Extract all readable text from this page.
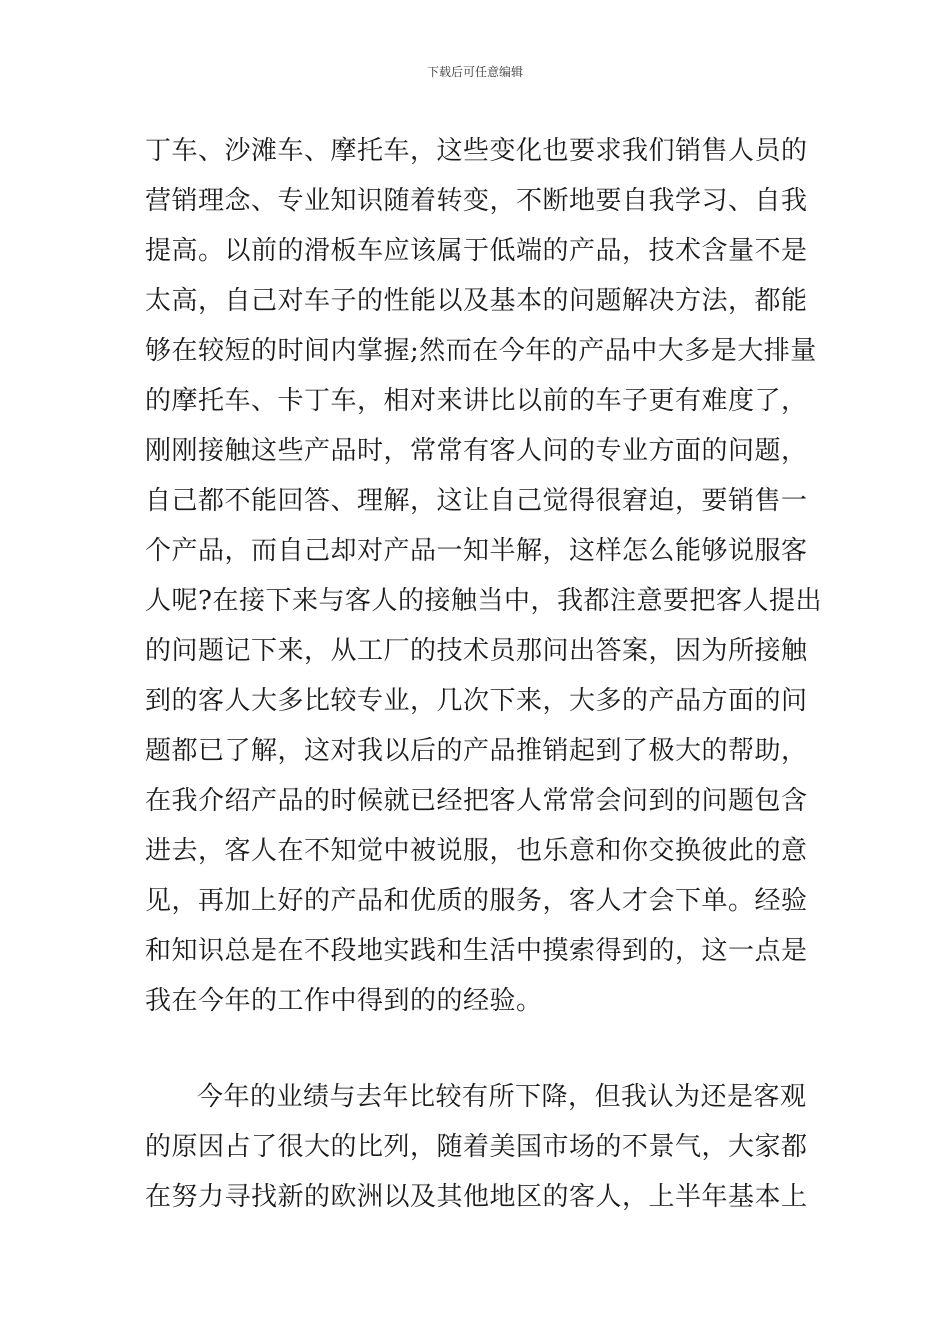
下载后可任意编辑
丁车、沙滩车、摩托车，这些变化也要求我们销售人员的
营销理念、专业知识随着转变，不断地要自我学习、自我
提高。以前的滑板车应该属于低端的产品，技术含量不是
太高，自己对车子的性能以及基本的问题解决方法，都能
够在较短的时间内掌握;然而在今年的产品中大多是大排量
的摩托车、卡丁车，相对来讲比以前的车子更有难度了，
刚刚接触这些产品时，常常有客人问的专业方面的问题，
自己都不能回答、理解，这让自己觉得很窘迫，要销售一
个产品，而自己却对产品一知半解，这样怎么能够说服客
人呢?在接下来与客人的接触当中，我都注意要把客人提出
的问题记下来，从工厂的技术员那问出答案，因为所接触
到的客人大多比较专业，几次下来，大多的产品方面的问
题都已了解，这对我以后的产品推销起到了极大的帮助，
在我介绍产品的时候就已经把客人常常会问到的问题包含
进去，客人在不知觉中被说服，也乐意和你交换彼此的意
见，再加上好的产品和优质的服务，客人才会下单。经验
和知识总是在不段地实践和生活中摸索得到的，这一点是
我在今年的工作中得到的的经验。
今年的业绩与去年比较有所下降，但我认为还是客观
的原因占了很大的比列，随着美国市场的不景气，大家都
在努力寻找新的欧洲以及其他地区的客人，上半年基本上
